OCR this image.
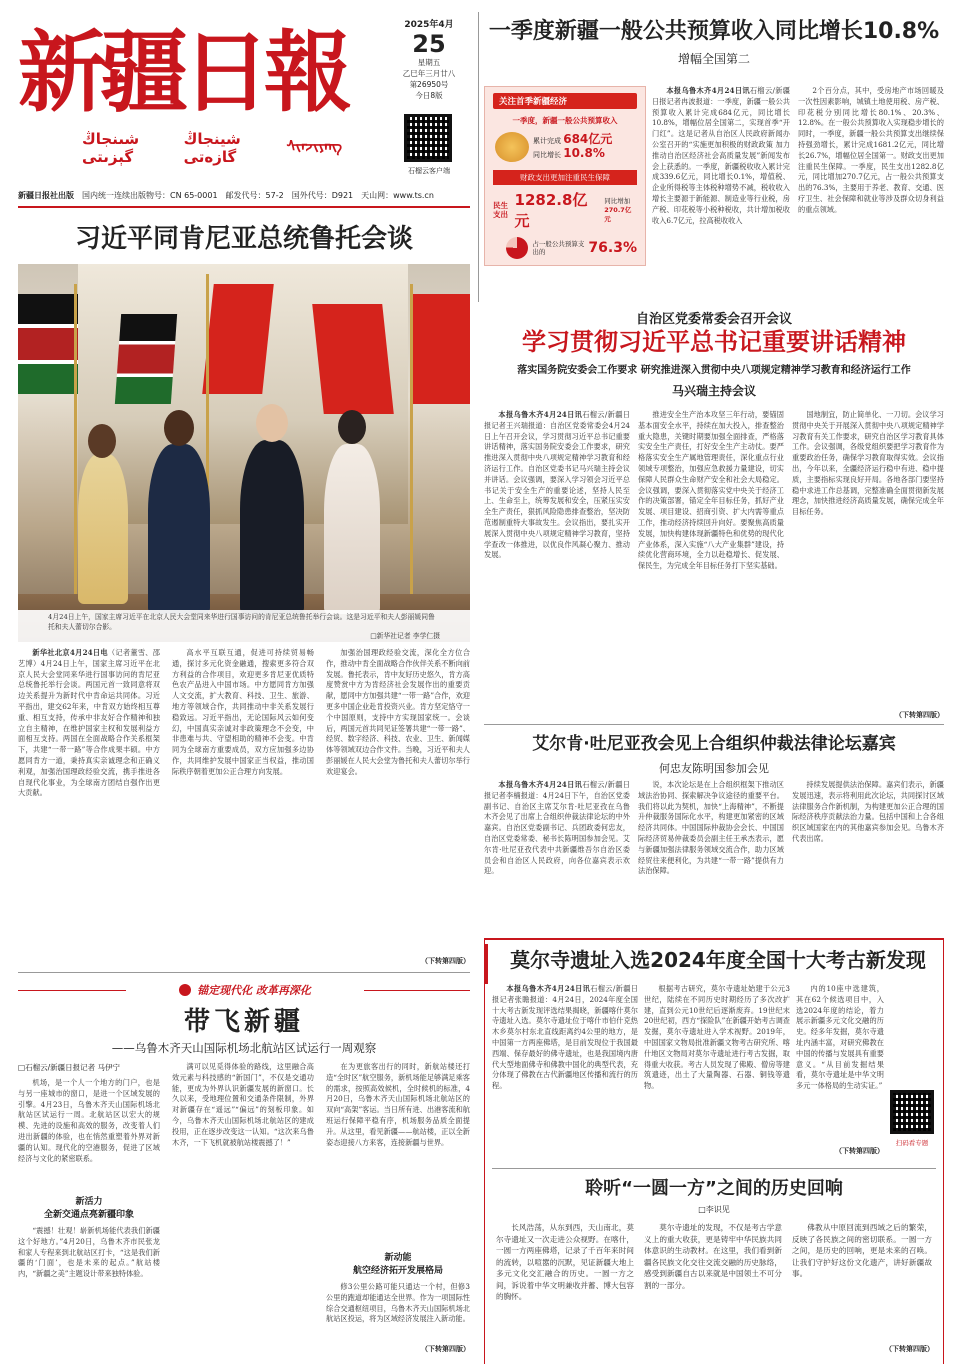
新疆日報
شىنجاڭ گېزىتى
شينجاڭ گازەتى
ᠰᠢᠨᠵᠢᠶᠠᠩ
2025年4月
25
星期五
乙巳年三月廿八
第26950号
今日8版
石榴云客户端
新疆日报社出版 国内统一连续出版物号：CN 65-0001 邮发代号：57-2 国外代号：D921 天山网：www.ts.cn
一季度新疆一般公共预算收入同比增长10.8%
增幅全国第二
关注首季新疆经济
一季度，新疆一般公共预算收入
累计完成 684亿元
同比增长 10.8%
财政支出更加注重民生保障
民生支出
1282.8亿元
同比增加
270.7亿元
占一般公共预算支出的	76.3%

本报乌鲁木齐4月24日讯石榴云/新疆日报记者冉波报道：一季度，新疆一般公共预算收入累计完成684亿元，同比增长10.8%，增幅位居全国第二，实现首季“开门红”。这是记者从自治区人民政府新闻办公室召开的“实施更加积极的财政政策 加力推动自治区经济社会高质量发展”新闻发布会上获悉的。一季度，新疆税收收入累计完成339.6亿元，同比增长0.1%，增值税、企业所得税等主体税种增势不减，税收收入增长主要源于新能源、制造业等行业税，房产税、印花税等小税种税收，共计增加税收收入6.7亿元，拉高税收收入

2个百分点，其中，受房地产市场回暖及一次性因素影响，城镇土地使用税、房产税、印花税分别同比增长80.1%、20.3%、12.8%。在一般公共预算收入实现稳步增长的同时，一季度，新疆一般公共预算支出继续保持强劲增长，累计完成1681.2亿元，同比增长26.7%，增幅位居全国第一。财政支出更加注重民生保障。一季度，民生支出1282.8亿元，同比增加270.7亿元，占一般公共预算支出的76.3%，主要用于养老、教育、交通、医疗卫生、社会保障和就业等涉及群众切身利益的重点领域。

习近平同肯尼亚总统鲁托会谈
4月24日上午，国家主席习近平在北京人民大会堂同来华进行国事访问的肯尼亚总统鲁托举行会谈。这是习近平和夫人彭丽媛同鲁托和夫人蕾切尔合影。
□新华社记者 李学仁摄

新华社北京4月24日电（记者董雪、邵艺博）4月24日上午，国家主席习近平在北京人民大会堂同来华进行国事访问的肯尼亚总统鲁托举行会谈。两国元首一致同意将双边关系提升为新时代中肯命运共同体。习近平指出，建交62年来，中肯双方始终相互尊重、相互支持，传承中非友好合作精神和独立自主精神，在维护国家主权和发展利益方面相互支持。两国在全面战略合作关系框架下，共建“一带一路”等合作成果丰硕。中方愿同肯方一道，秉持真实亲诚理念和正确义利观，加强治国理政经验交流，携手推进各自现代化事业，为全球南方团结自强作出更大贡献。

高水平互联互通，促进可持续贸易畅通，探讨多元化资金融通，搜索更多符合双方利益的合作项目，欢迎更多肯尼亚优质特色农产品进入中国市场。中方愿同肯方加强人文交流，扩大教育、科技、卫生、旅游、地方等领域合作，共同推动中非关系发展行稳致远。习近平指出，无论国际风云如何变幻，中国真实亲诚对非政策理念不会变，中非患难与共、守望相助的精神不会变。中肯同为全球南方重要成员，双方应加强多边协作，共同维护发展中国家正当权益，推动国际秩序朝着更加公正合理方向发展。

加强治国理政经验交流，深化全方位合作，推动中肯全面战略合作伙伴关系不断向前发展。鲁托表示，肯中友好历史悠久，肯方高度赞赏中方为肯经济社会发展作出的重要贡献，愿同中方加强共建“一带一路”合作，欢迎更多中国企业赴肯投资兴业。肯方坚定恪守一个中国原则，支持中方实现国家统一。会谈后，两国元首共同见证签署共建“一带一路”、经贸、数字经济、科技、农业、卫生、新闻媒体等领域双边合作文件。当晚，习近平和夫人彭丽媛在人民大会堂为鲁托和夫人蕾切尔举行欢迎宴会。

（下转第四版）
自治区党委常委会召开会议
学习贯彻习近平总书记重要讲话精神
落实国务院安委会工作要求 研究推进深入贯彻中央八项规定精神学习教育和经济运行工作
马兴瑞主持会议

本报乌鲁木齐4月24日讯石榴云/新疆日报记者王兴瑞报道：自治区党委常委会4月24日上午召开会议，学习贯彻习近平总书记重要讲话精神，落实国务院安委会工作要求，研究推进深入贯彻中央八项规定精神学习教育和经济运行工作。自治区党委书记马兴瑞主持会议并讲话。会议强调，要深入学习领会习近平总书记关于安全生产的重要论述，坚持人民至上、生命至上，统筹发展和安全，压紧压实安全生产责任，狠抓风险隐患排查整治，坚决防范遏制重特大事故发生。会议指出，要扎实开展深入贯彻中央八项规定精神学习教育，坚持学查改一体推进，以优良作风凝心聚力、推动发展。

推进安全生产治本攻坚三年行动，要锚固基本面安全水平，持续在加大投入，排查整治重大隐患，关键时期要加强全面排查，严格落实安全生产责任，打好安全生产主动仗。要严格落实安全生产属地管理责任，深化重点行业领域专项整治，加强应急救援力量建设，切实保障人民群众生命财产安全和社会大局稳定。会议强调，要深入贯彻落实党中央关于经济工作的决策部署，锚定全年目标任务，抓好产业发展、项目建设、招商引资、扩大内需等重点工作，推动经济持续回升向好。要聚焦高质量发展，加快构建体现新疆特色和优势的现代化产业体系，深入实施“八大产业集群”建设，持续优化营商环境，全力以赴稳增长、促发展、保民生，为完成全年目标任务打下坚实基础。

国地制宜，防止简单化、一刀切。会议学习贯彻中央关于开展深入贯彻中央八项规定精神学习教育有关工作要求，研究自治区学习教育具体工作。会议强调，各级党组织要把学习教育作为重要政治任务，确保学习教育取得实效。会议指出，今年以来，全疆经济运行稳中有进、稳中提质，主要指标实现良好开局。各地各部门要坚持稳中求进工作总基调，完整准确全面贯彻新发展理念，加快推进经济高质量发展，确保完成全年目标任务。

（下转第四版）
艾尔肯·吐尼亚孜会见上合组织仲裁法律论坛嘉宾
何忠友陈明国参加会见

本报乌鲁木齐4月24日讯石榴云/新疆日报记者李楠报道：4月24日下午，自治区党委副书记、自治区主席艾尔肯·吐尼亚孜在乌鲁木齐会见了出席上合组织仲裁法律论坛的中外嘉宾。自治区党委副书记、兵团政委何忠友，自治区党委常委、秘书长陈明国参加会见。艾尔肯·吐尼亚孜代表中共新疆维吾尔自治区委员会和自治区人民政府，向各位嘉宾表示欢迎。

说，本次论坛是在上合组织框架下推动区域法治协同、探索解决争议途径的重要平台。我们将以此为契机，加快“上海精神”，不断提升仲裁服务国际化水平，构建更加紧密的区域经济共同体。中国国际仲裁协会会长、中国国际经济贸易仲裁委员会副主任王承杰表示，愿与新疆加强法律服务领域交流合作，助力区域经贸往来便利化，为共建“一带一路”提供有力法治保障。

持续发展提供法治保障。嘉宾们表示，新疆发展迅速，表示将利用此次论坛，共同探讨区域法律服务合作新机制，为构建更加公正合理的国际经济秩序贡献法治力量。包括中国和上合各组织区域国家在内的其他嘉宾参加会见。乌鲁木齐代表出席。

锚定现代化 改革再深化
带飞新疆
——乌鲁木齐天山国际机场北航站区试运行一周观察
□石榴云/新疆日报记者 马伊宁

机场，是一个人一个地方的门户，也是与另一座城市的窗口，是进一个区域发展的引擎。4月23日，乌鲁木齐天山国际机场北航站区试运行一周。北航站区以宏大的规模、先进的设施和高效的服务，改变着人们进出新疆的体验，也在悄然重塑着外界对新疆的认知。现代化的空港服务，促进了区域经济与文化的紧密联系。

新活力
全新交通点亮新疆印象

“震撼！壮观！崭新机场能代表我们新疆这个好地方。”4月20日，乌鲁木齐市民张龙和家人专程来到北航站区打卡，“这是我们新疆的‘门面’，也是未来的起点。”航站楼内，“新疆之美”主题设计带来独特体验。

满可以见觅得体验的路线，这里融合高效元素与科技感的“新国门”，不仅是交通功能，更成为外界认识新疆发展的新窗口。长久以来，受地理位置和交通条件限制，外界对新疆存在“遥远”“偏远”的刻板印象。如今，乌鲁木齐天山国际机场北航站区的建成投用，正在逐步改变这一认知。“这次来乌鲁木齐，一下飞机就被航站楼震撼了！”

在为更旅客出行的同时，新航站楼还打造“全时区”航空服务，新机场能足够满足乘客的需求，按照高效候机，全时候机的标准，4月20日，乌鲁木齐天山国际机场北航站区的双向“高架”客运。当日所有进、出港客流和航班运行保障平稳有序，机场服务品质全面提升。从这里，看见新疆——航站楼，正以全新姿态迎接八方来客，连接新疆与世界。

新动能
航空经济拓开发展格局

修3公里公路可能只通达一个村，但修3公里的跑道却能通达全世界。作为一项国际性综合交通枢纽项目，乌鲁木齐天山国际机场北航站区投运，将为区域经济发展注入新动能。

（下转第四版）
莫尔寺遗址入选2024年度全国十大考古新发现

本报乌鲁木齐4月24日讯石榴云/新疆日报记者张瞻报道：4月24日，2024年度全国十大考古新发现评选结果揭晓，新疆喀什莫尔寺遗址入选。莫尔寺遗址位于喀什市伯什克热木乡莫尔村东北直线距离约4公里的地方，是中国第一方两座佛塔，是目前发现位于我国最西端、保存最好的佛寺遗址，也是我国境内唐代大型地面佛寺和佛教中国化的典型代表，充分体现了佛教在古代新疆地区传播和流行的历程。

根据考古研究，莫尔寺遗址始建于公元3世纪，陆续在不同历史时期经历了多次改扩建，直到公元10世纪后逐渐废弃。19世纪末20世纪初，西方“探险队”在新疆开始考古调查发掘，莫尔寺遗址进入学术视野。2019年，中国国家文物局批准新疆文物考古研究所、喀什地区文物局对莫尔寺遗址进行考古发掘，取得重大收获。考古人员发现了佛殿、僧房等建筑遗迹，出土了大量陶器、石器、铜钱等遗物。

内的10座中选建筑，其在62个候选项目中，入选2024年度的结论，着力展示新疆多元文化交融的历史。经多年发掘，莫尔寺遗址内涵丰富，对研究佛教在中国的传播与发展具有重要意义。“从目前发掘结果看，莫尔寺遗址是中华文明多元一体格局的生动实证。”

扫码看专题
（下转第四版）
聆听“一圆一方”之间的历史回响
□李识见

长风浩荡，从东到西，天山南北，莫尔寺遗址又一次走进公众视野。在喀什，一圆一方两座佛塔，记录了千百年来时间的流转，以喧嚣的沉默，见证新疆大地上多元文化交汇融合的历史。一圆一方之间，诉说着中华文明兼收并蓄、博大包容的胸怀。

莫尔寺遗址的发现，不仅是考古学意义上的重大收获，更是铸牢中华民族共同体意识的生动教材。在这里，我们看到新疆各民族文化交往交流交融的历史脉络，感受到新疆自古以来就是中国领土不可分割的一部分。

佛教从中原回流到西域之后的繁荣，反映了各民族之间的密切联系。一圆一方之间，是历史的回响，更是未来的召唤。让我们守护好这份文化遗产，讲好新疆故事。

（下转第四版）
